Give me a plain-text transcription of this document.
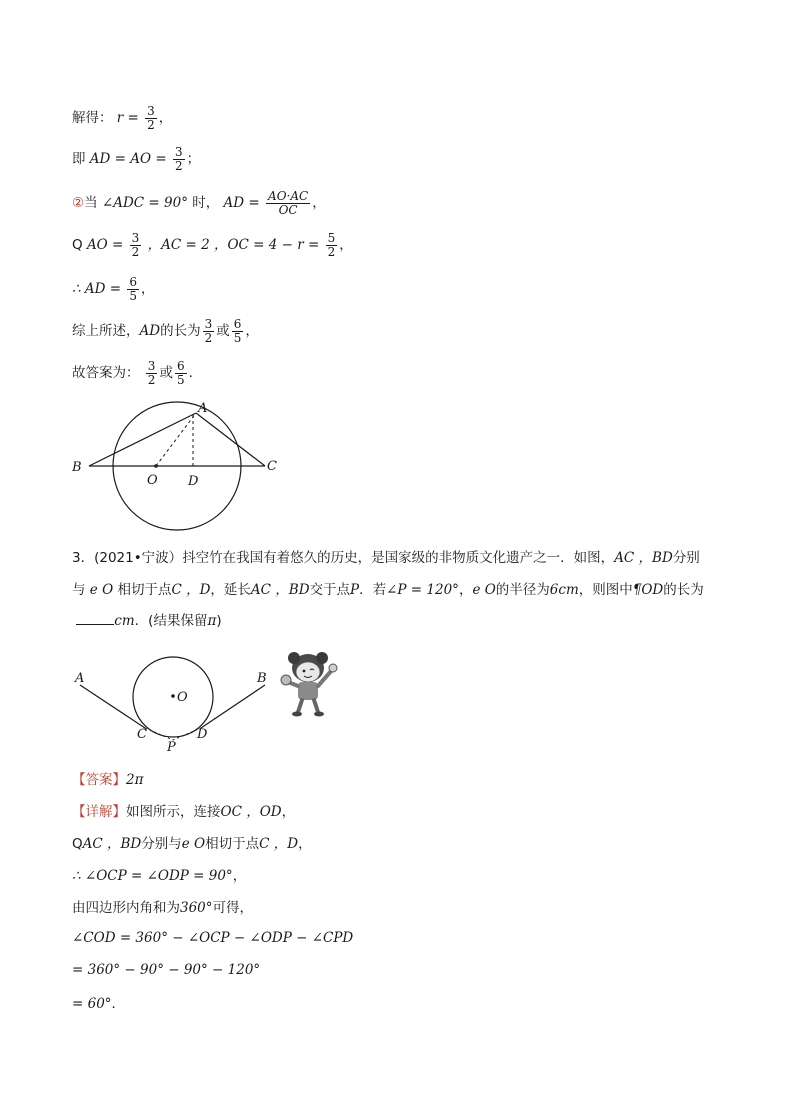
解得： $r = \frac{3}{2}$ ，
即 AD = AO = $\frac{3}{2}$ ；
②当 ∠ADC = 90° 时， AD = $\frac{AO\cdot AC}{OC}$ ，
Q AO = $\frac{3}{2}$ ，AC = 2 ，OC = $4 - r = \frac{5}{2}$ ，
∴ AD = $\frac{6}{5}$ ，
综上所述，AD的长为 $\frac{3}{2}$ 或 $\frac{6}{5}$ ，
故答案为： $\frac{3}{2}$ 或 $\frac{6}{5}$ .
A
B	C
O D
3．(2021•宁波）抖空竹在我国有着悠久的历史，是国家级的非物质文化遗产之一．如图，AC ，BD分别
与 e O 相切于点C ，D，延长AC ，BD交于点P．若∠P = 120°，e O的半径为6cm，则图中¶OD的长为
cm．(结果保留π)
A	B
O
C	D
P
【答案】2π
【详解】如图所示，连接OC ，OD，
QAC ，BD分别与e O相切于点C ，D，
∴ ∠OCP = ∠ODP = 90°，
由四边形内角和为360°可得，
∠COD = 360° − ∠OCP − ∠ODP − ∠CPD
= 360° − 90° − 90° − 120°
= 60°．
